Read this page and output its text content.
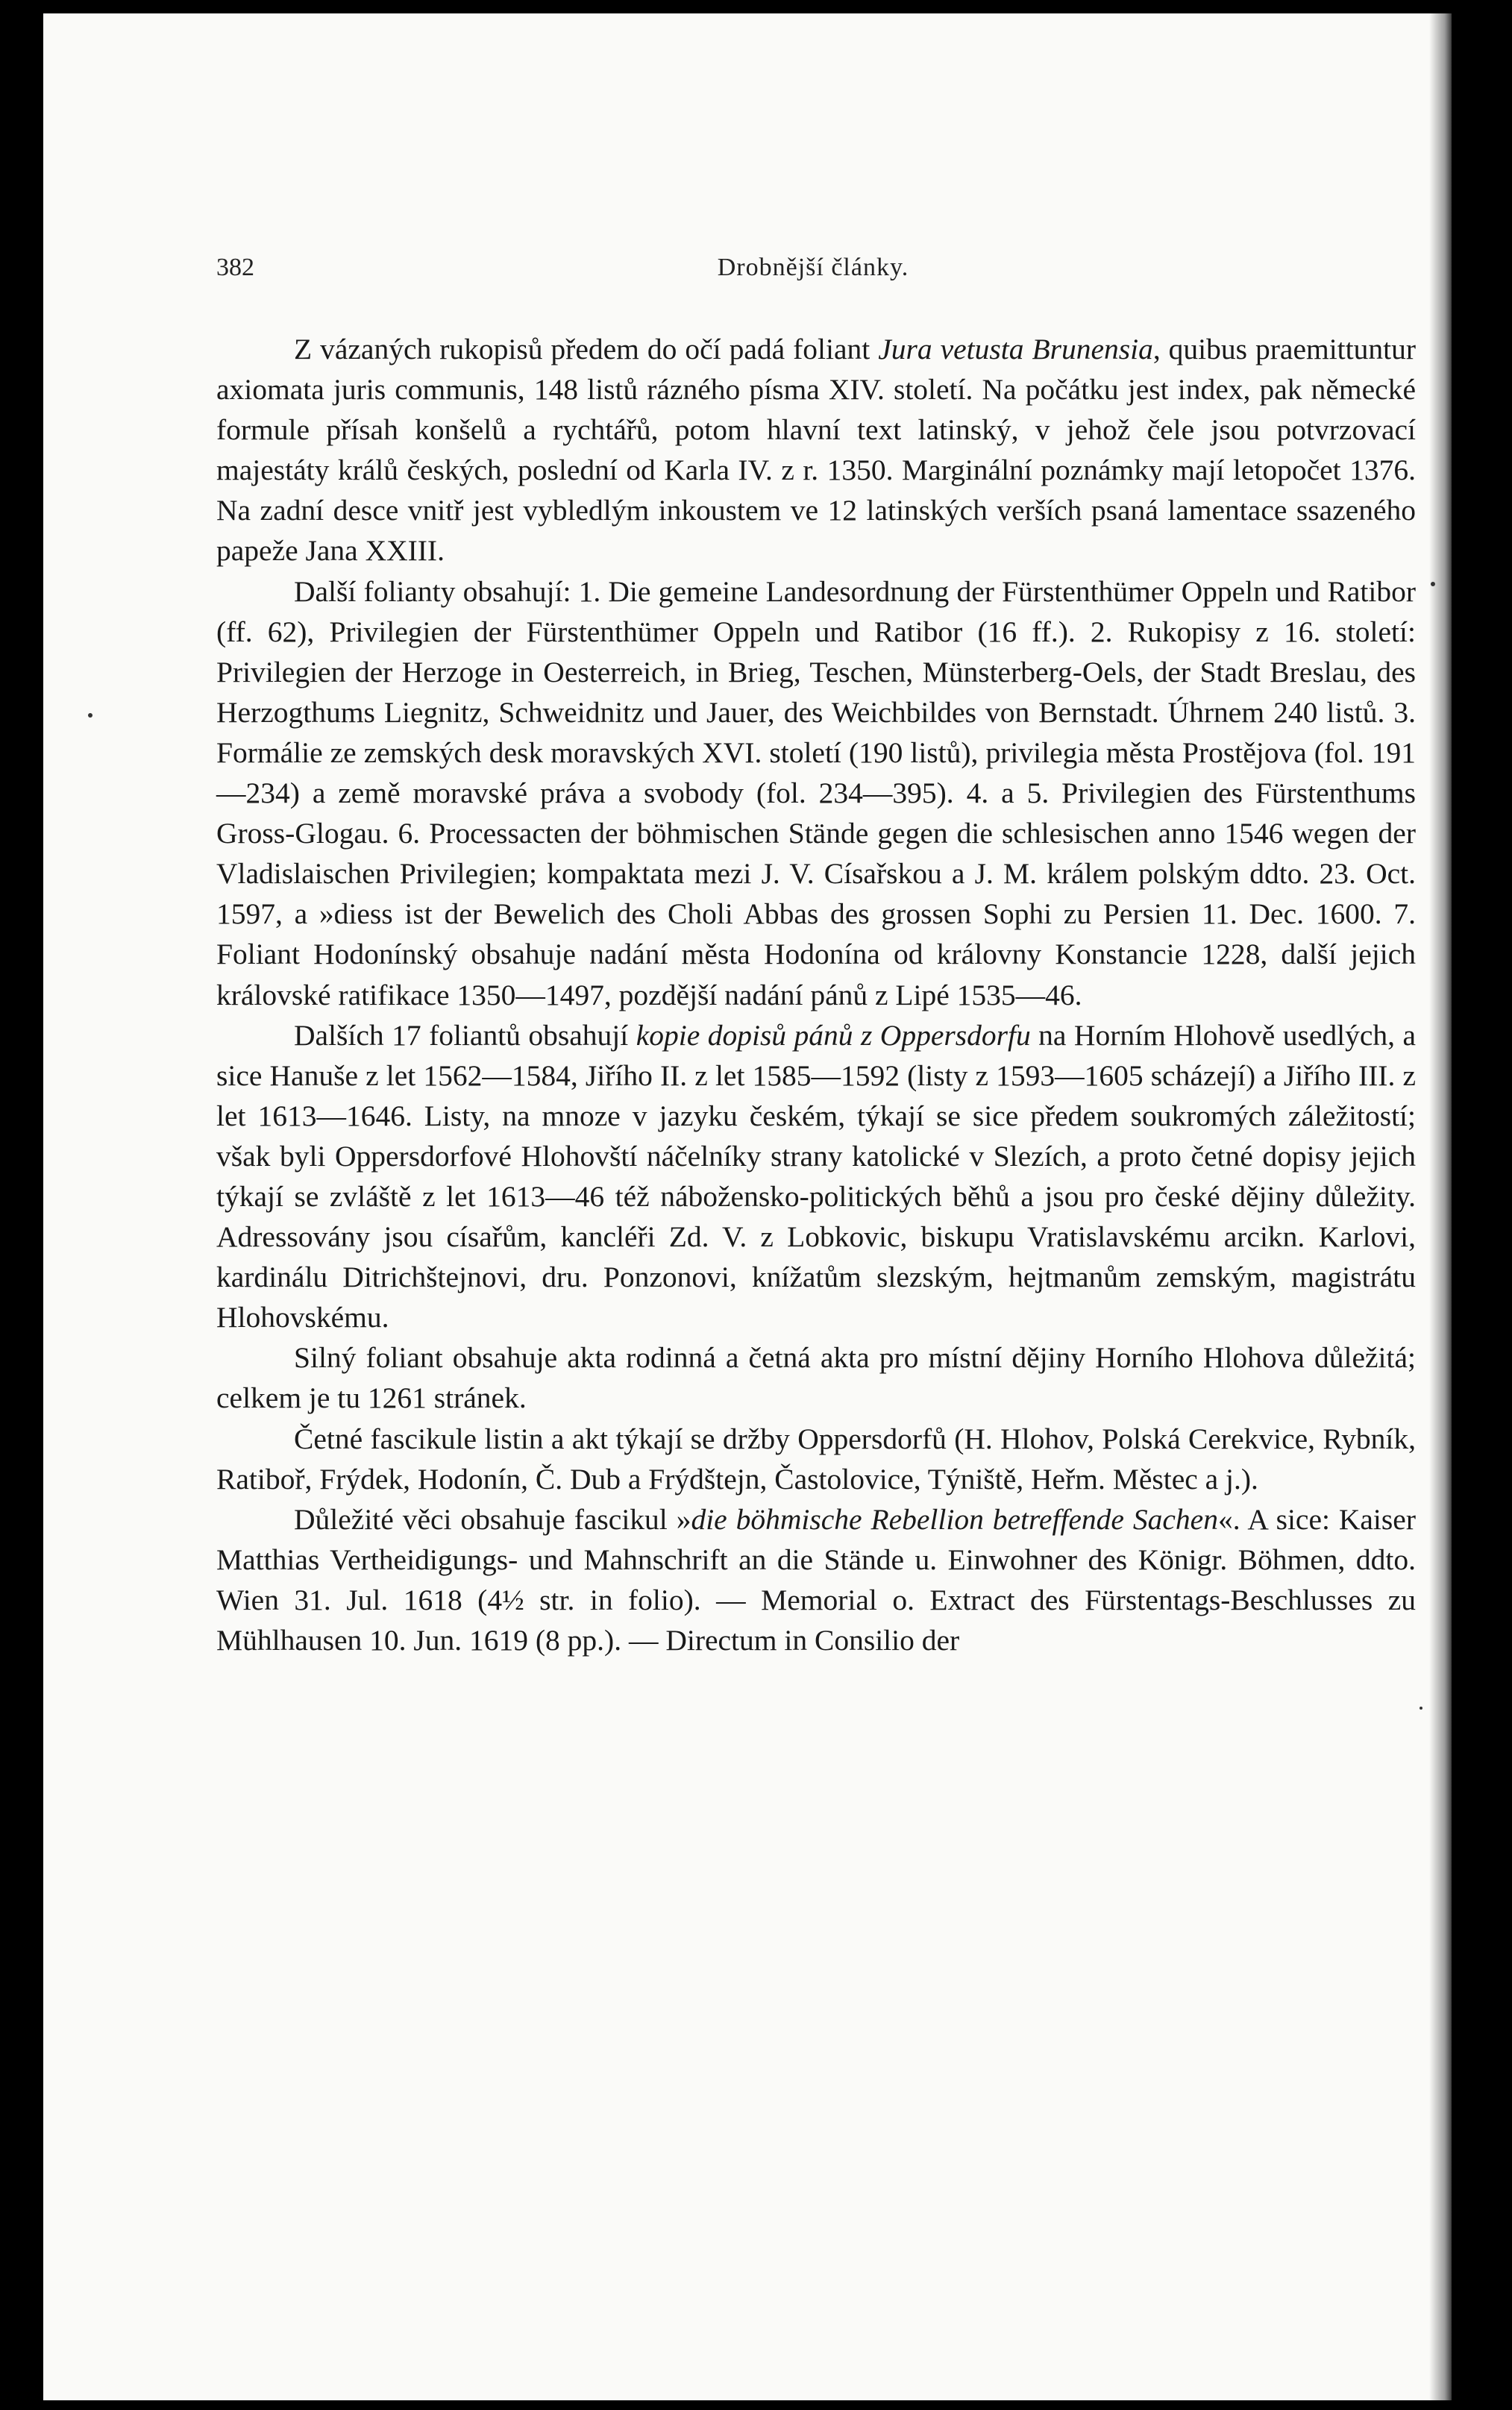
382	Drobnější články.

Z vázaných rukopisů předem do očí padá foliant Jura vetusta Brunensia, quibus praemittuntur axiomata juris communis, 148 listů rázného písma XIV. století. Na počátku jest index, pak německé formule přísah konšelů a rychtářů, potom hlavní text latinský, v jehož čele jsou potvrzovací majestáty králů českých, poslední od Karla IV. z r. 1350. Marginální poznámky mají letopočet 1376. Na zadní desce vnitř jest vybledlým inkoustem ve 12 latinských verších psaná lamentace ssazeného papeže Jana XXIII.

Další folianty obsahují: 1. Die gemeine Landesordnung der Fürstenthümer Oppeln und Ratibor (ff. 62), Privilegien der Fürstenthümer Oppeln und Ratibor (16 ff.). 2. Rukopisy z 16. století: Privilegien der Herzoge in Oesterreich, in Brieg, Teschen, Münsterberg-Oels, der Stadt Breslau, des Herzogthums Liegnitz, Schweidnitz und Jauer, des Weichbildes von Bernstadt. Úhrnem 240 listů. 3. Formálie ze zemských desk moravských XVI. století (190 listů), privilegia města Prostějova (fol. 191—234) a země moravské práva a svobody (fol. 234—395). 4. a 5. Privilegien des Fürstenthums Gross-Glogau. 6. Processacten der böhmischen Stände gegen die schlesischen anno 1546 wegen der Vladislaischen Privilegien; kompaktata mezi J. V. Císařskou a J. M. králem polským ddto. 23. Oct. 1597, a »diess ist der Bewelich des Choli Abbas des grossen Sophi zu Persien 11. Dec. 1600. 7. Foliant Hodonínský obsahuje nadání města Hodonína od královny Konstancie 1228, další jejich královské ratifikace 1350—1497, pozdější nadání pánů z Lipé 1535—46.

Dalších 17 foliantů obsahují kopie dopisů pánů z Oppersdorfu na Horním Hlohově usedlých, a sice Hanuše z let 1562—1584, Jiřího II. z let 1585—1592 (listy z 1593—1605 scházejí) a Jiřího III. z let 1613—1646. Listy, na mnoze v jazyku českém, týkají se sice předem soukromých záležitostí; však byli Oppersdorfové Hlohovští náčelníky strany katolické v Slezích, a proto četné dopisy jejich týkají se zvláště z let 1613—46 též nábožensko-politických běhů a jsou pro české dějiny důležity. Adressovány jsou císařům, kancléři Zd. V. z Lobkovic, biskupu Vratislavskému arcikn. Karlovi, kardinálu Ditrichštejnovi, dru. Ponzonovi, knížatům slezským, hejtmanům zemským, magistrátu Hlohovskému.

Silný foliant obsahuje akta rodinná a četná akta pro místní dějiny Horního Hlohova důležitá; celkem je tu 1261 stránek.

Četné fascikule listin a akt týkají se držby Oppersdorfů (H. Hlohov, Polská Cerekvice, Rybník, Ratiboř, Frýdek, Hodonín, Č. Dub a Frýdštejn, Častolovice, Týniště, Heřm. Městec a j.).

Důležité věci obsahuje fascikul »die böhmische Rebellion betreffende Sachen«. A sice: Kaiser Matthias Vertheidigungs- und Mahnschrift an die Stände u. Einwohner des Königr. Böhmen, ddto. Wien 31. Jul. 1618 (4½ str. in folio). — Memorial o. Extract des Fürstentags-Beschlusses zu Mühlhausen 10. Jun. 1619 (8 pp.). — Directum in Consilio der
